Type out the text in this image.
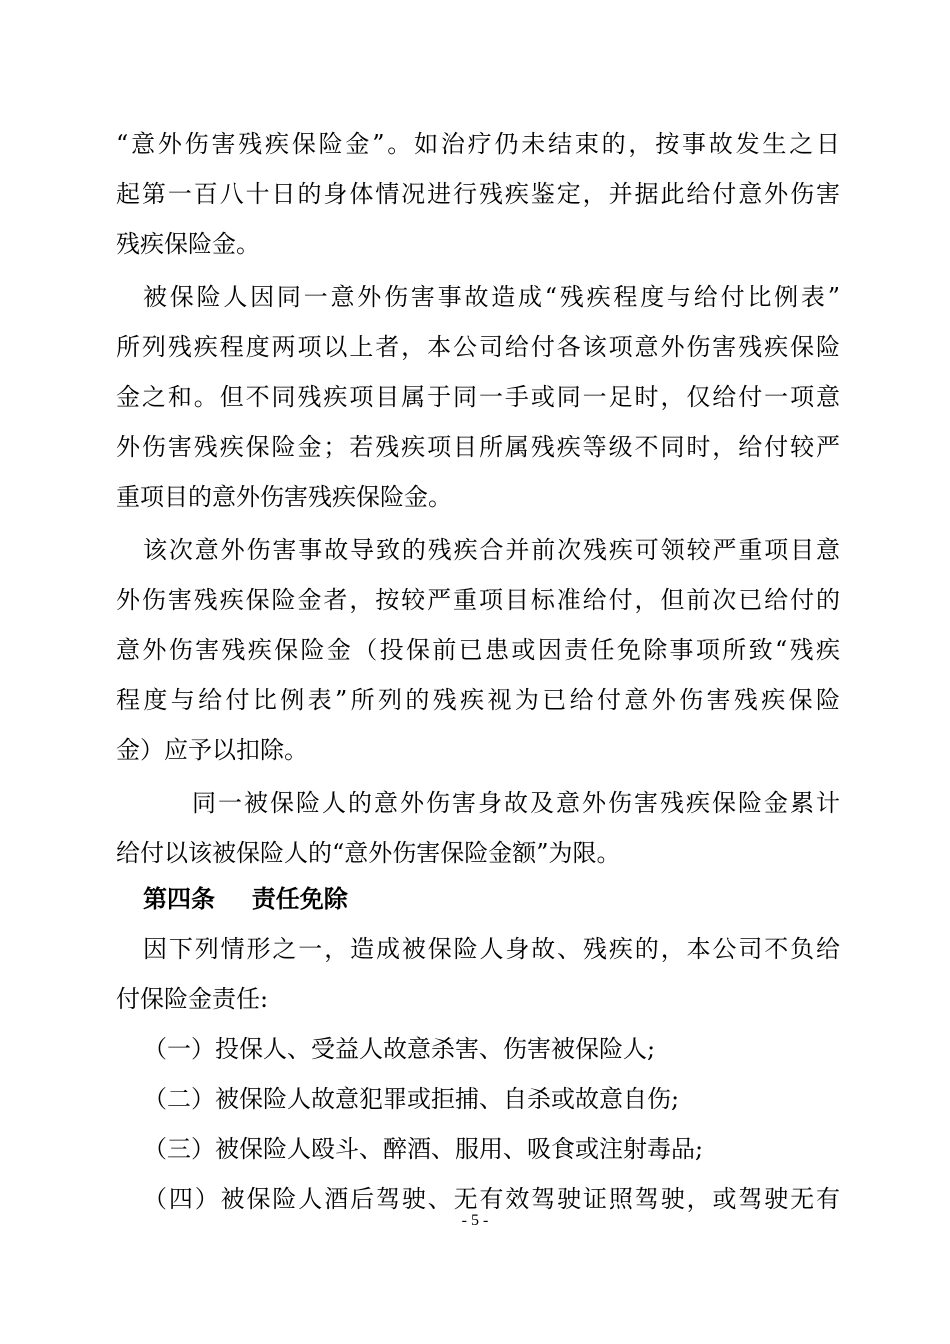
“意外伤害残疾保险金”。如治疗仍未结束的，按事故发生之日
起第一百八十日的身体情况进行残疾鉴定，并据此给付意外伤害
残疾保险金。
被保险人因同一意外伤害事故造成“残疾程度与给付比例表”
所列残疾程度两项以上者，本公司给付各该项意外伤害残疾保险
金之和。但不同残疾项目属于同一手或同一足时，仅给付一项意
外伤害残疾保险金；若残疾项目所属残疾等级不同时，给付较严
重项目的意外伤害残疾保险金。
该次意外伤害事故导致的残疾合并前次残疾可领较严重项目意
外伤害残疾保险金者，按较严重项目标准给付，但前次已给付的
意外伤害残疾保险金（投保前已患或因责任免除事项所致“残疾
程度与给付比例表”所列的残疾视为已给付意外伤害残疾保险
金）应予以扣除。
同一被保险人的意外伤害身故及意外伤害残疾保险金累计
给付以该被保险人的“意外伤害保险金额”为限。
第四条 责任免除
因下列情形之一，造成被保险人身故、残疾的，本公司不负给
付保险金责任:
（一）投保人、受益人故意杀害、伤害被保险人;
（二）被保险人故意犯罪或拒捕、自杀或故意自伤;
（三）被保险人殴斗、醉酒、服用、吸食或注射毒品;
（四）被保险人酒后驾驶、无有效驾驶证照驾驶，或驾驶无有
- 5 -
